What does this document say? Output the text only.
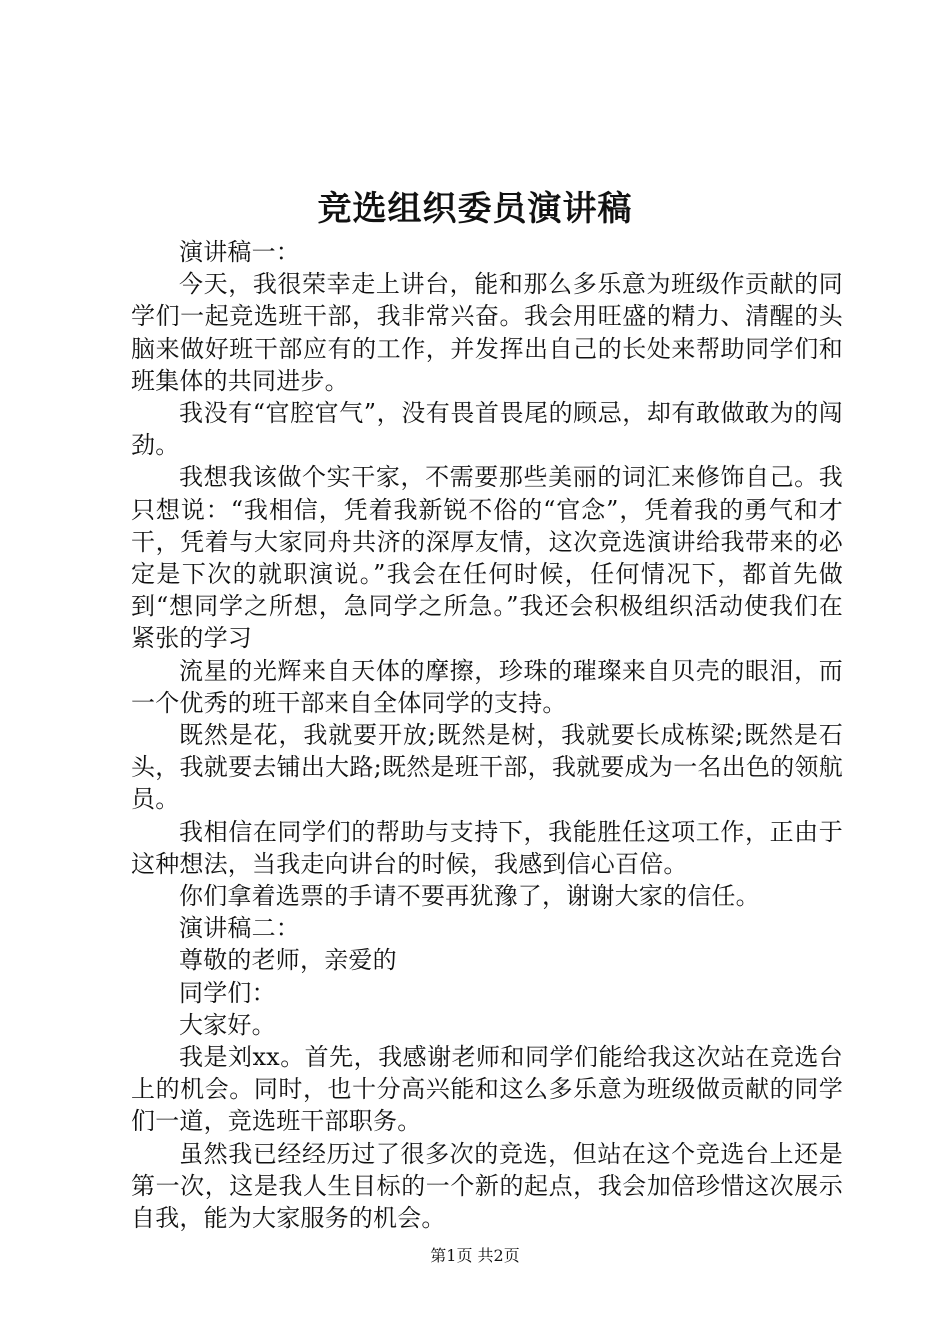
竞选组织委员演讲稿

演讲稿一：

今天，我很荣幸走上讲台，能和那么多乐意为班级作贡献的同学们一起竞选班干部，我非常兴奋。我会用旺盛的精力、清醒的头脑来做好班干部应有的工作，并发挥出自己的长处来帮助同学们和班集体的共同进步。

我没有“官腔官气”，没有畏首畏尾的顾忌，却有敢做敢为的闯劲。

我想我该做个实干家，不需要那些美丽的词汇来修饰自己。我只想说：“我相信，凭着我新锐不俗的“官念”，凭着我的勇气和才干，凭着与大家同舟共济的深厚友情，这次竞选演讲给我带来的必定是下次的就职演说。”我会在任何时候，任何情况下，都首先做到“想同学之所想，急同学之所急。”我还会积极组织活动使我们在紧张的学习

流星的光辉来自天体的摩擦，珍珠的璀璨来自贝壳的眼泪，而一个优秀的班干部来自全体同学的支持。

既然是花，我就要开放;既然是树，我就要长成栋梁;既然是石头，我就要去铺出大路;既然是班干部，我就要成为一名出色的领航员。

我相信在同学们的帮助与支持下，我能胜任这项工作，正由于这种想法，当我走向讲台的时候，我感到信心百倍。

你们拿着选票的手请不要再犹豫了，谢谢大家的信任。

演讲稿二：

尊敬的老师，亲爱的

同学们：

大家好。

我是刘xx。首先，我感谢老师和同学们能给我这次站在竞选台上的机会。同时，也十分高兴能和这么多乐意为班级做贡献的同学们一道，竞选班干部职务。

虽然我已经经历过了很多次的竞选，但站在这个竞选台上还是第一次，这是我人生目标的一个新的起点，我会加倍珍惜这次展示自我，能为大家服务的机会。

第1页 共2页
